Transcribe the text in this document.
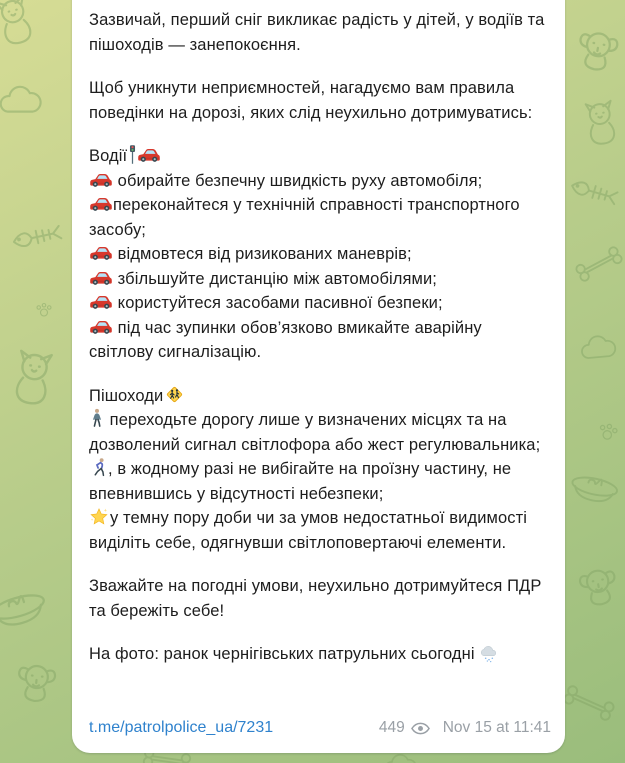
Зазвичай, перший сніг викликає радість у дітей, у водіїв та пішоходів — занепокоєння.
Щоб уникнути неприємностей, нагадуємо вам правила поведінки на дорозі, яких слід неухильно дотримуватись:
Водії
обирайте безпечну швидкість руху автомобіля;
переконайтеся у технічній справності транспортного засобу;
відмовтеся від ризикованих маневрів;
збільшуйте дистанцію між автомобілями;
користуйтеся засобами пасивної безпеки;
під час зупинки обов’язково вмикайте аварійну світлову сигналізацію.
Пішоходи
переходьте дорогу лише у визначених місцях та на дозволений сигнал світлофора або жест регулювальника;
, в жодному разі не вибігайте на проїзну частину, не впевнившись у відсутності небезпеки;
у темну пору доби чи за умов недостатньої видимості виділіть себе, одягнувши світлоповертаючі елементи.
Зважайте на погодні умови, неухильно дотримуйтеся ПДР та бережіть себе!
На фото: ранок чернігівських патрульних сьогодні
t.me/patrolpolice_ua/7231	449 Nov 15 at 11:41
